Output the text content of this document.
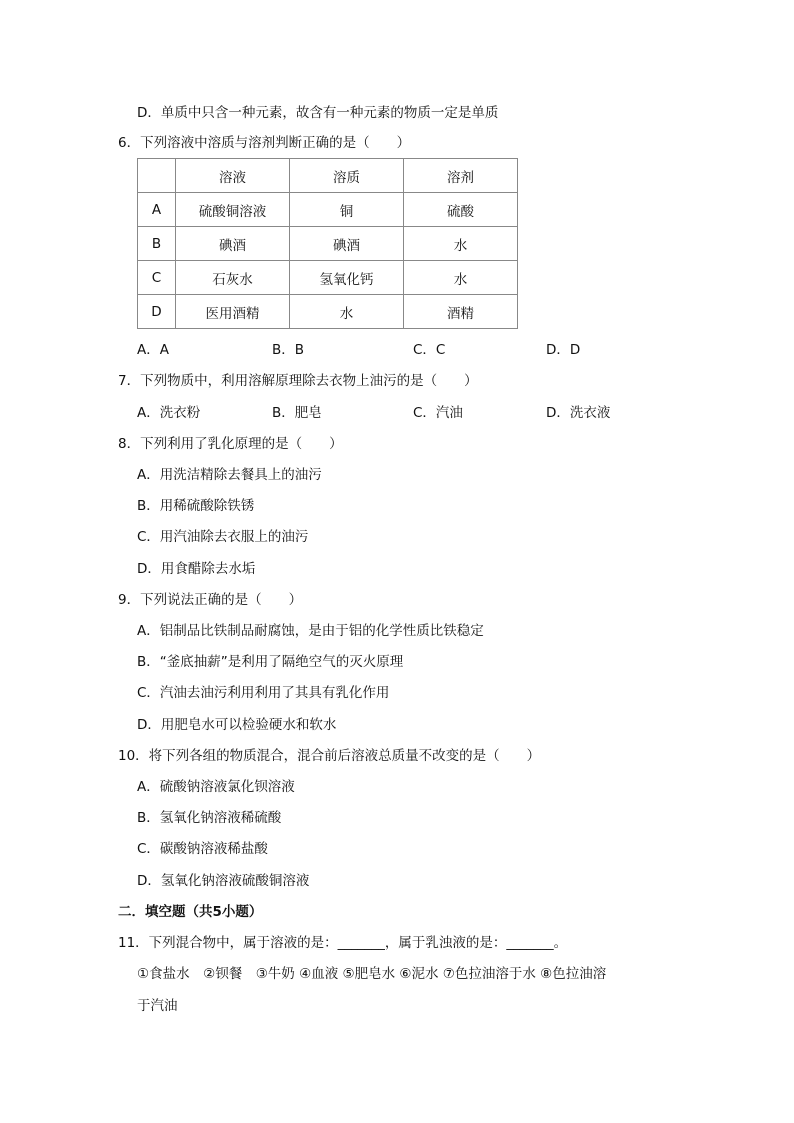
D．单质中只含一种元素，故含有一种元素的物质一定是单质
6．下列溶液中溶质与溶剂判断正确的是（　　）
	溶液	溶质	溶剂
A	硫酸铜溶液	铜	硫酸
B	碘酒	碘酒	水
C	石灰水	氢氧化钙	水
D	医用酒精	水	酒精
A．A	B．B	C．C	D．D
7．下列物质中，利用溶解原理除去衣物上油污的是（　　）
A．洗衣粉	B．肥皂	C．汽油	D．洗衣液
8．下列利用了乳化原理的是（　　）
A．用洗洁精除去餐具上的油污
B．用稀硫酸除铁锈
C．用汽油除去衣服上的油污
D．用食醋除去水垢
9．下列说法正确的是（　　）
A．铝制品比铁制品耐腐蚀，是由于铝的化学性质比铁稳定
B．“釜底抽薪”是利用了隔绝空气的灭火原理
C．汽油去油污利用利用了其具有乳化作用
D．用肥皂水可以检验硬水和软水
10．将下列各组的物质混合，混合前后溶液总质量不改变的是（　　）
A．硫酸钠溶液氯化钡溶液
B．氢氧化钠溶液稀硫酸
C．碳酸钠溶液稀盐酸
D．氢氧化钠溶液硫酸铜溶液
二．填空题（共5小题）
11．下列混合物中，属于溶液的是：_______，属于乳浊液的是：_______。
①食盐水　②钡餐　③牛奶 ④血液 ⑤肥皂水 ⑥泥水 ⑦色拉油溶于水 ⑧色拉油溶
于汽油
